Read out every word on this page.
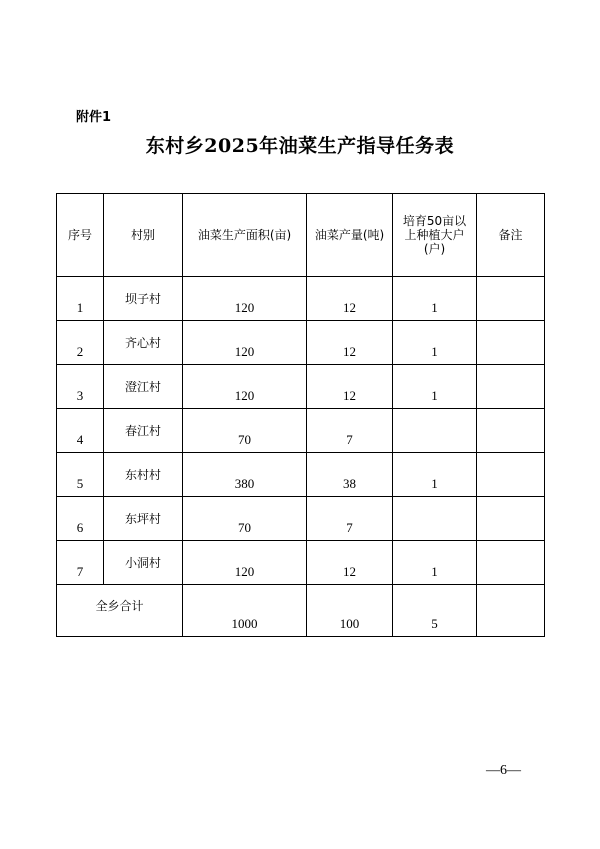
附件1
东村乡2025年油菜生产指导任务表
序号	村别	油菜生产面积(亩)	油菜产量(吨)	培育50亩以上种植大户(户)	备注
1	坝子村	120	12	1	
2	齐心村	120	12	1	
3	澄江村	120	12	1	
4	春江村	70	7		
5	东村村	380	38	1	
6	东坪村	70	7		
7	小洞村	120	12	1	
全乡合计		1000	100	5	
—6—
